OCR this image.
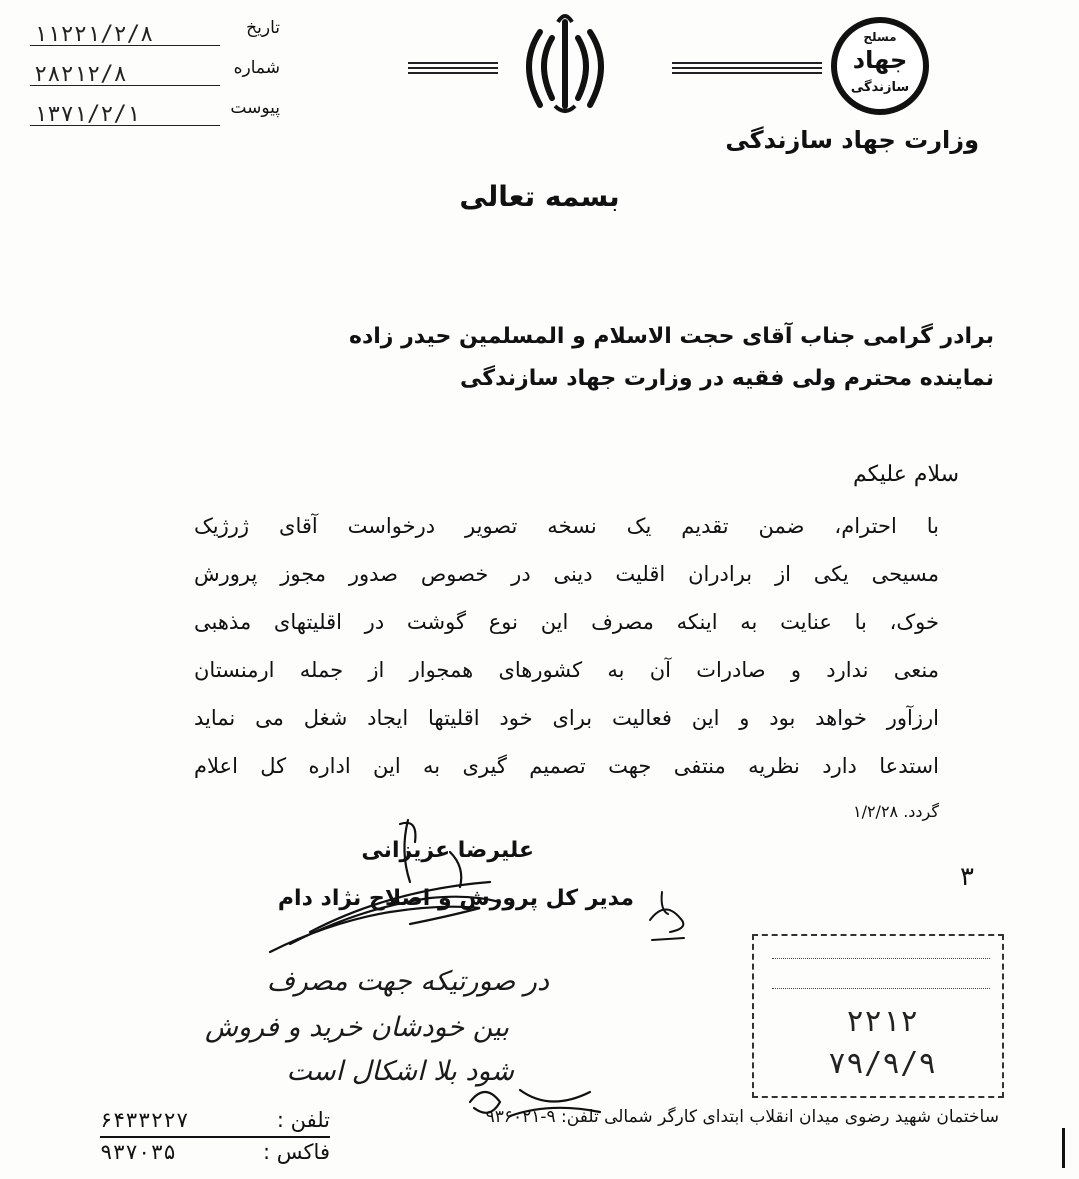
تاریخ
۱۱۲۲۱/۲/۸
شماره
۲۸۲۱۲/۸
پیوست
۱۳۷۱/۲/۱
مسلح
جهاد
سازندگی
وزارت جهاد سازندگی
بسمه تعالی
برادر گرامی جناب آقای حجت الاسلام و المسلمین حیدر زاده
نماینده محترم ولی فقیه در وزارت جهاد سازندگی
سلام علیکم
با احترام، ضمن تقدیم یک نسخه تصویر درخواست آقای ژرژیک
مسیحی یکی از برادران اقلیت دینی در خصوص صدور مجوز پرورش
خوک، با عنایت به اینکه مصرف این نوع گوشت در اقلیتهای مذهبی
منعی ندارد و صادرات آن به کشورهای همجوار از جمله ارمنستان
ارزآور خواهد بود و این فعالیت برای خود اقلیتها ایجاد شغل می نماید
استدعا دارد نظریه منتفی جهت تصمیم گیری به این اداره کل اعلام
گردد. ۱/۲/۲۸
۳
علیرضا عزیزانی
مدیر کل پرورش و اصلاح نژاد دام
در صورتیکه جهت مصرف
بین خودشان خرید و فروش
شود بلا اشکال است
۲۲۱۲
۷۹/۹/۹
ساختمان شهید رضوی میدان انقلاب ابتدای کارگر شمالی تلفن: ۹-۹۳۶۰۲۱
تلفن :
۶۴۳۳۲۲۷
فاکس :
۹۳۷۰۳۵
